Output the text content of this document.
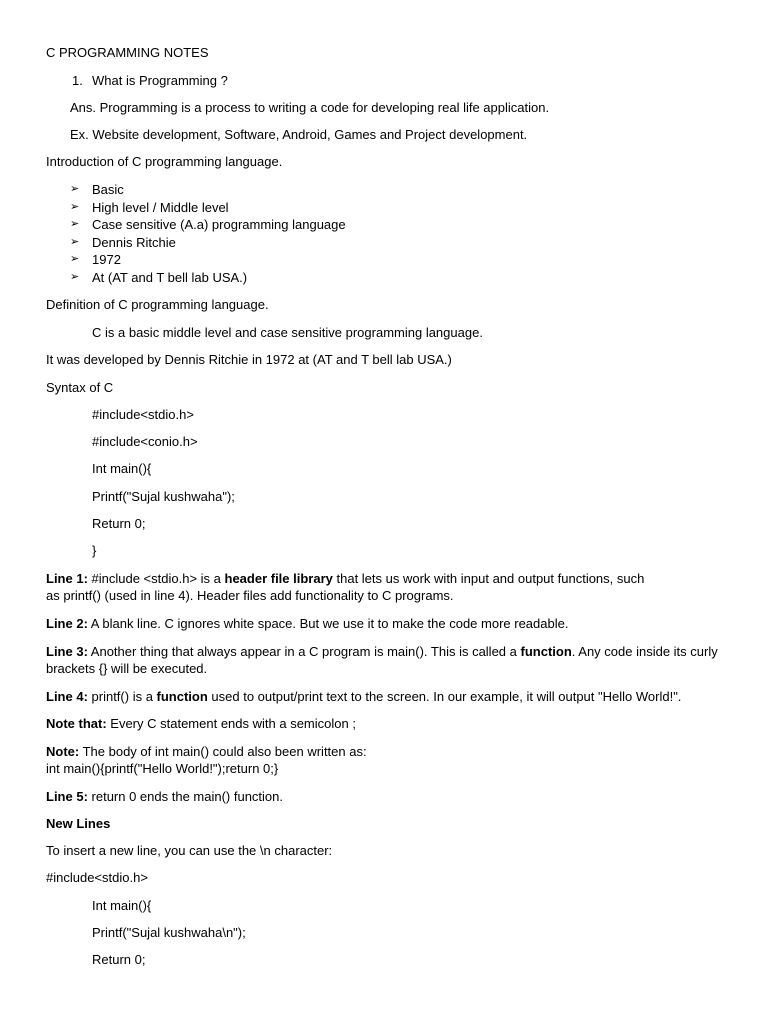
C PROGRAMMING NOTES
1. What is Programming ?
Ans. Programming is a process to writing a code for developing real life application.
Ex. Website development, Software, Android, Games and Project development.
Introduction of C programming language.
➢ Basic
➢ High level / Middle level
➢ Case sensitive (A.a) programming language
➢ Dennis Ritchie
➢ 1972
➢ At (AT and T bell lab USA.)
Definition of C programming language.
C is a basic middle level and case sensitive programming language.
It was developed by Dennis Ritchie in 1972 at (AT and T bell lab USA.)
Syntax of C
#include<stdio.h>
#include<conio.h>
Int main(){
Printf("Sujal kushwaha");
Return 0;
}
Line 1: #include <stdio.h> is a header file library that lets us work with input and output functions, such
as printf() (used in line 4). Header files add functionality to C programs.
Line 2: A blank line. C ignores white space. But we use it to make the code more readable.
Line 3: Another thing that always appear in a C program is main(). This is called a function. Any code inside its curly
brackets {} will be executed.
Line 4: printf() is a function used to output/print text to the screen. In our example, it will output "Hello World!".
Note that: Every C statement ends with a semicolon ;
Note: The body of int main() could also been written as:
int main(){printf("Hello World!");return 0;}
Line 5: return 0 ends the main() function.
New Lines
To insert a new line, you can use the \n character:
#include<stdio.h>
Int main(){
Printf("Sujal kushwaha\n");
Return 0;
